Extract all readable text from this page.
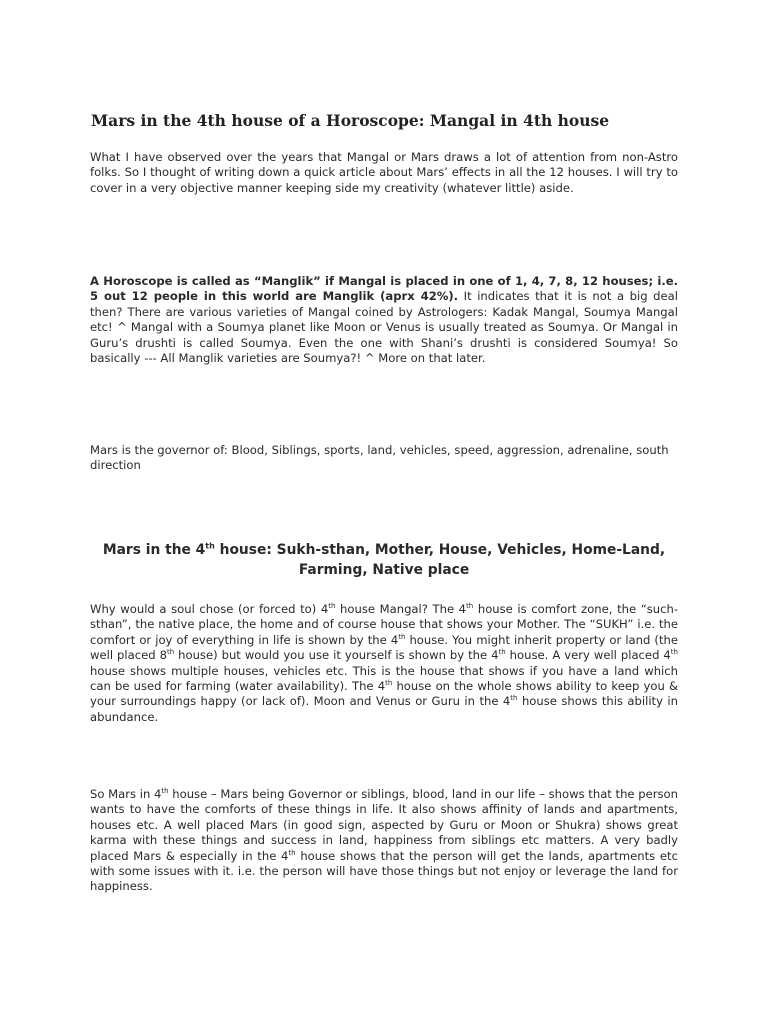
Mars in the 4th house of a Horoscope: Mangal in 4th house

What I have observed over the years that Mangal or Mars draws a lot of attention from non-Astro folks. So I thought of writing down a quick article about Mars’ effects in all the 12 houses. I will try to cover in a very objective manner keeping side my creativity (whatever little) aside.

A Horoscope is called as “Manglik” if Mangal is placed in one of 1, 4, 7, 8, 12 houses; i.e. 5 out 12 people in this world are Manglik (aprx 42%). It indicates that it is not a big deal then? There are various varieties of Mangal coined by Astrologers: Kadak Mangal, Soumya Mangal etc! ^ Mangal with a Soumya planet like Moon or Venus is usually treated as Soumya. Or Mangal in Guru’s drushti is called Soumya. Even the one with Shani’s drushti is considered Soumya! So basically --- All Manglik varieties are Soumya?! ^ More on that later.

Mars is the governor of: Blood, Siblings, sports, land, vehicles, speed, aggression, adrenaline, south direction

Mars in the 4th house: Sukh-sthan, Mother, House, Vehicles, Home-Land, Farming, Native place

Why would a soul chose (or forced to) 4th house Mangal? The 4th house is comfort zone, the “such-sthan”, the native place, the home and of course house that shows your Mother. The “SUKH” i.e. the comfort or joy of everything in life is shown by the 4th house. You might inherit property or land (the well placed 8th house) but would you use it yourself is shown by the 4th house. A very well placed 4th house shows multiple houses, vehicles etc. This is the house that shows if you have a land which can be used for farming (water availability). The 4th house on the whole shows ability to keep you & your surroundings happy (or lack of). Moon and Venus or Guru in the 4th house shows this ability in abundance.

So Mars in 4th house – Mars being Governor or siblings, blood, land in our life – shows that the person wants to have the comforts of these things in life. It also shows affinity of lands and apartments, houses etc. A well placed Mars (in good sign, aspected by Guru or Moon or Shukra) shows great karma with these things and success in land, happiness from siblings etc matters. A very badly placed Mars & especially in the 4th house shows that the person will get the lands, apartments etc with some issues with it. i.e. the person will have those things but not enjoy or leverage the land for happiness.
